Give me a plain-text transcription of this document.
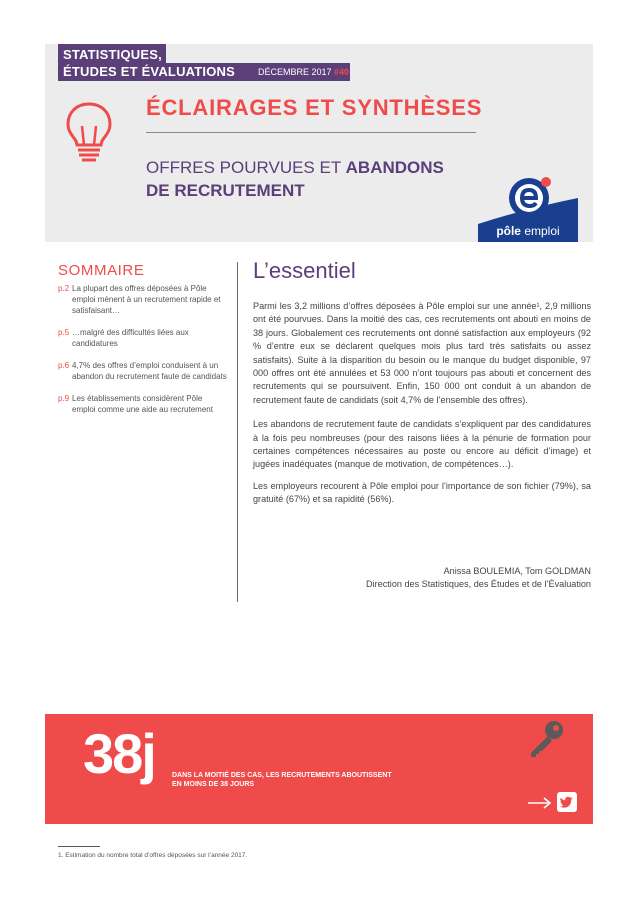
STATISTIQUES,
ÉTUDES ET ÉVALUATIONS	DÉCEMBRE 2017 #40
ÉCLAIRAGES ET SYNTHÈSES
OFFRES POURVUES ET ABANDONS
DE RECRUTEMENT
pôle emploi
SOMMAIRE
p.2 La plupart des offres déposées à Pôle emploi mènent à un recrutement rapide et satisfaisant…
p.5 …malgré des difficultés liées aux candidatures
p.6 4,7% des offres d’emploi conduisent à un abandon du recrutement faute de candidats
p.9 Les établissements considèrent Pôle emploi comme une aide au recrutement
L’essentiel

Parmi les 3,2 millions d’offres déposées à Pôle emploi sur une année¹, 2,9 millions ont été pourvues. Dans la moitié des cas, ces recrutements ont abouti en moins de 38 jours. Globalement ces recrutements ont donné satisfaction aux employeurs (92 % d’entre eux se déclarent quelques mois plus tard très satisfaits ou assez satisfaits). Suite à la disparition du besoin ou le manque du budget disponible, 97 000 offres ont été annulées et 53 000 n’ont toujours pas abouti et concernent des recrutements qui se poursuivent. Enfin, 150 000 ont conduit à un abandon de recrutement faute de candidats (soit 4,7% de l’ensemble des offres).

Les abandons de recrutement faute de candidats s’expliquent par des candidatures à la fois peu nombreuses (pour des raisons liées à la pénurie de formation pour certaines compétences nécessaires au poste ou encore au déficit d’image) et jugées inadéquates (manque de motivation, de compétences…).

Les employeurs recourent à Pôle emploi pour l’importance de son fichier (79%), sa gratuité (67%) et sa rapidité (56%).

Anissa BOULEMIA, Tom GOLDMAN
Direction des Statistiques, des Études et de l’Évaluation
38j DANS LA MOITIÉ DES CAS, LES RECRUTEMENTS ABOUTISSENT
EN MOINS DE 38 JOURS
1. Estimation du nombre total d’offres déposées sur l’année 2017.
